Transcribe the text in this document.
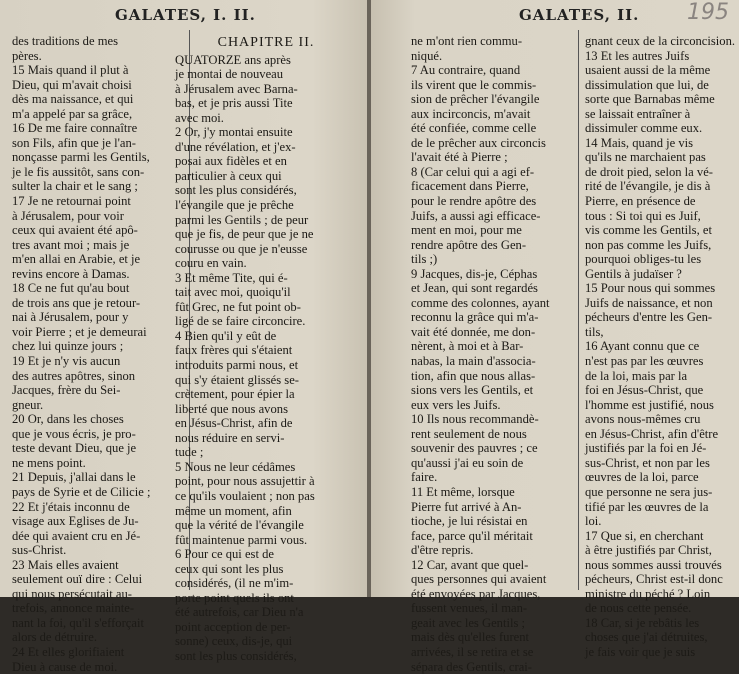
GALATES, I. II.
des traditions de mes
pères.
15 Mais quand il plut à
Dieu, qui m'avait choisi
dès ma naissance, et qui
m'a appelé par sa grâce,
16 De me faire connaître
son Fils, afin que je l'an-
nonçasse parmi les Gentils,
je le fis aussitôt, sans con-
sulter la chair et le sang ;
17 Je ne retournai point
à Jérusalem, pour voir
ceux qui avaient été apô-
tres avant moi ; mais je
m'en allai en Arabie, et je
revins encore à Damas.
18 Ce ne fut qu'au bout
de trois ans que je retour-
nai à Jérusalem, pour y
voir Pierre ; et je demeurai
chez lui quinze jours ;
19 Et je n'y vis aucun
des autres apôtres, sinon
Jacques, frère du Sei-
gneur.
20 Or, dans les choses
que je vous écris, je pro-
teste devant Dieu, que je
ne mens point.
21 Depuis, j'allai dans le
pays de Syrie et de Cilicie ;
22 Et j'étais inconnu de
visage aux Eglises de Ju-
dée qui avaient cru en Jé-
sus-Christ.
23 Mais elles avaient
seulement ouï dire : Celui
qui nous persécutait au-
trefois, annonce mainte-
nant la foi, qu'il s'efforçait
alors de détruire.
24 Et elles glorifiaient
Dieu à cause de moi.
CHAPITRE II.
QUATORZE ans après
je montai de nouveau
à Jérusalem avec Barna-
bas, et je pris aussi Tite
avec moi.
2 Or, j'y montai ensuite
d'une révélation, et j'ex-
posai aux fidèles et en
particulier à ceux qui
sont les plus considérés,
l'évangile que je prêche
parmi les Gentils ; de peur
que je fis, de peur que je ne
courusse ou que je n'eusse
couru en vain.
3 Et même Tite, qui é-
tait avec moi, quoiqu'il
fût Grec, ne fut point ob-
ligé de se faire circoncire.
4 Bien qu'il y eût de
faux frères qui s'étaient
introduits parmi nous, et
qui s'y étaient glissés se-
crètement, pour épier la
liberté que nous avons
en Jésus-Christ, afin de
nous réduire en servi-
tude ;
5 Nous ne leur cédâmes
point, pour nous assujettir à
ce qu'ils voulaient ; non pas
même un moment, afin
que la vérité de l'évangile
fût maintenue parmi vous.
6 Pour ce qui est de
ceux qui sont les plus
considérés, (il ne m'im-
porte point quels ils ont
été autrefois, car Dieu n'a
point acception de per-
sonne) ceux, dis-je, qui
sont les plus considérés,
GALATES, II. 195
ne m'ont rien commu-
niqué.
7 Au contraire, quand
ils virent que le commis-
sion de prêcher l'évangile
aux incirconcis, m'avait
été confiée, comme celle
de le prêcher aux circoncis
l'avait été à Pierre ;
8 (Car celui qui a agi ef-
ficacement dans Pierre,
pour le rendre apôtre des
Juifs, a aussi agi efficace-
ment en moi, pour me
rendre apôtre des Gen-
tils ;)
9 Jacques, dis-je, Céphas
et Jean, qui sont regardés
comme des colonnes, ayant
reconnu la grâce qui m'a-
vait été donnée, me don-
nèrent, à moi et à Bar-
nabas, la main d'associa-
tion, afin que nous allas-
sions vers les Gentils, et
eux vers les Juifs.
10 Ils nous recommandè-
rent seulement de nous
souvenir des pauvres ; ce
qu'aussi j'ai eu soin de
faire.
11 Et même, lorsque
Pierre fut arrivé à An-
tioche, je lui résistai en
face, parce qu'il méritait
d'être repris.
12 Car, avant que quel-
ques personnes qui avaient
été envoyées par Jacques,
fussent venues, il man-
geait avec les Gentils ;
mais dès qu'elles furent
arrivées, il se retira et se
sépara des Gentils, crai-
gnant ceux de la circoncision.
13 Et les autres Juifs
usaient aussi de la même
dissimulation que lui, de
sorte que Barnabas même
se laissait entraîner à
dissimuler comme eux.
14 Mais, quand je vis
qu'ils ne marchaient pas
de droit pied, selon la vé-
rité de l'évangile, je dis à
Pierre, en présence de
tous : Si toi qui es Juif,
vis comme les Gentils, et
non pas comme les Juifs,
pourquoi obliges-tu les
Gentils à judaïser ?
15 Pour nous qui sommes
Juifs de naissance, et non
pécheurs d'entre les Gen-
tils,
16 Ayant connu que ce
n'est pas par les œuvres
de la loi, mais par la
foi en Jésus-Christ, que
l'homme est justifié, nous
avons nous-mêmes cru
en Jésus-Christ, afin d'être
justifiés par la foi en Jé-
sus-Christ, et non par les
œuvres de la loi, parce
que personne ne sera jus-
tifié par les œuvres de la
loi.
17 Que si, en cherchant
à être justifiés par Christ,
nous sommes aussi trouvés
pécheurs, Christ est-il donc
ministre du péché ? Loin
de nous cette pensée.
18 Car, si je rebâtis les
choses que j'ai détruites,
je fais voir que je suis
